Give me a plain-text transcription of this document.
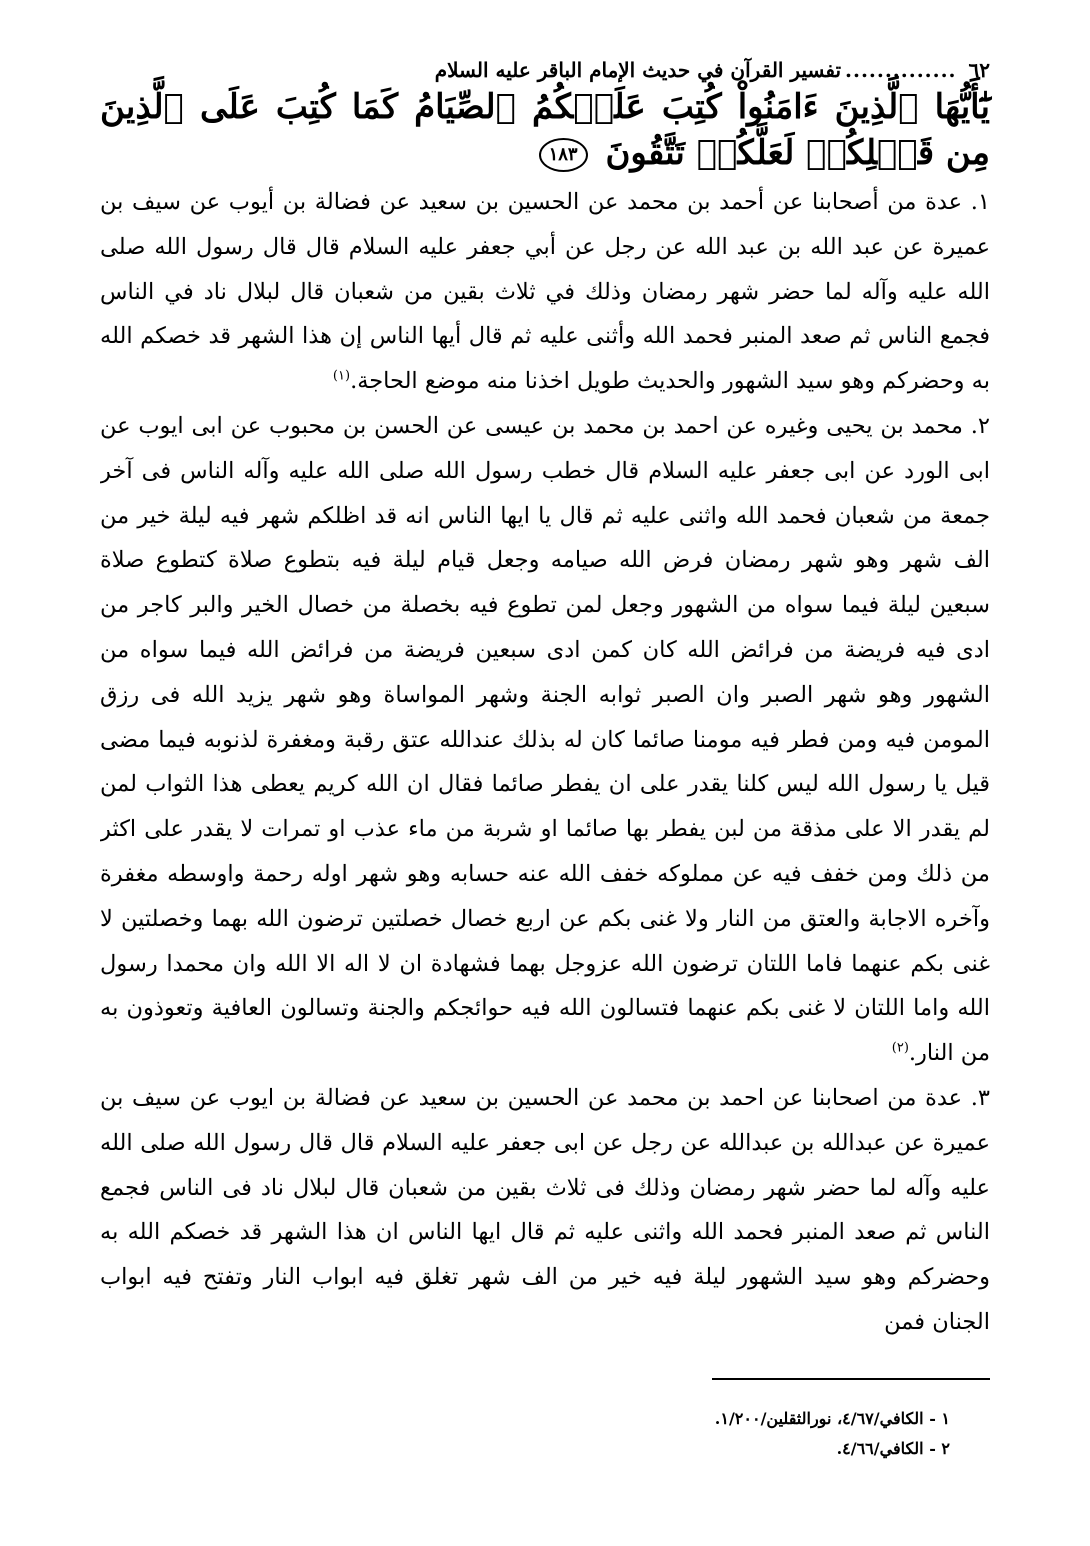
٦٢..............تفسير القرآن في حديث الإمام الباقر عليه السلام
يَٰٓأَيُّهَا ٱلَّذِينَ ءَامَنُواْ كُتِبَ عَلَيۡكُمُ ٱلصِّيَامُ كَمَا كُتِبَ عَلَى ٱلَّذِينَ مِن قَبۡلِكُمۡ لَعَلَّكُمۡ تَتَّقُونَ ١٨٣

١. عدة من أصحابنا عن أحمد بن محمد عن الحسين بن سعيد عن فضالة بن أيوب عن سيف بن عميرة عن عبد الله بن عبد الله عن رجل عن أبي جعفر عليه السلام قال قال رسول الله صلى الله عليه وآله لما حضر شهر رمضان وذلك في ثلاث بقين من شعبان قال لبلال ناد في الناس فجمع الناس ثم صعد المنبر فحمد الله وأثنى عليه ثم قال أيها الناس إن هذا الشهر قد خصكم الله به وحضركم وهو سيد الشهور والحديث طويل اخذنا منه موضع الحاجة.$^{(١)}$

٢. محمد بن يحيى وغيره عن احمد بن محمد بن عيسى عن الحسن بن محبوب عن ابى ايوب عن ابى الورد عن ابى جعفر عليه السلام قال خطب رسول الله صلى الله عليه وآله الناس فى آخر جمعة من شعبان فحمد الله واثنى عليه ثم قال يا ايها الناس انه قد اظلكم شهر فيه ليلة خير من الف شهر وهو شهر رمضان فرض الله صيامه وجعل قيام ليلة فيه بتطوع صلاة كتطوع صلاة سبعين ليلة فيما سواه من الشهور وجعل لمن تطوع فيه بخصلة من خصال الخير والبر كاجر من ادى فيه فريضة من فرائض الله كان كمن ادى سبعين فريضة من فرائض الله فيما سواه من الشهور وهو شهر الصبر وان الصبر ثوابه الجنة وشهر المواساة وهو شهر يزيد الله فى رزق المومن فيه ومن فطر فيه مومنا صائما كان له بذلك عندالله عتق رقبة ومغفرة لذنوبه فيما مضى قيل يا رسول الله ليس كلنا يقدر على ان يفطر صائما فقال ان الله كريم يعطى هذا الثواب لمن لم يقدر الا على مذقة من لبن يفطر بها صائما او شربة من ماء عذب او تمرات لا يقدر على اكثر من ذلك ومن خفف فيه عن مملوكه خفف الله عنه حسابه وهو شهر اوله رحمة واوسطه مغفرة وآخره الاجابة والعتق من النار ولا غنى بكم عن اربع خصال خصلتين ترضون الله بهما وخصلتين لا غنى بكم عنهما فاما اللتان ترضون الله عزوجل بهما فشهادة ان لا اله الا الله وان محمدا رسول الله واما اللتان لا غنى بكم عنهما فتسالون الله فيه حوائجكم والجنة وتسالون العافية وتعوذون به من النار.$^{(٢)}$

٣. عدة من اصحابنا عن احمد بن محمد عن الحسين بن سعيد عن فضالة بن ايوب عن سيف بن عميرة عن عبدالله بن عبدالله عن رجل عن ابى جعفر عليه السلام قال قال رسول الله صلى الله عليه وآله لما حضر شهر رمضان وذلك فى ثلاث بقين من شعبان قال لبلال ناد فى الناس فجمع الناس ثم صعد المنبر فحمد الله واثنى عليه ثم قال ايها الناس ان هذا الشهر قد خصكم الله به وحضركم وهو سيد الشهور ليلة فيه خير من الف شهر تغلق فيه ابواب النار وتفتح فيه ابواب الجنان فمن

١ - الكافي/٤/٦٧، نورالثقلين/١/٢٠٠.
٢ - الكافي/٤/٦٦.
